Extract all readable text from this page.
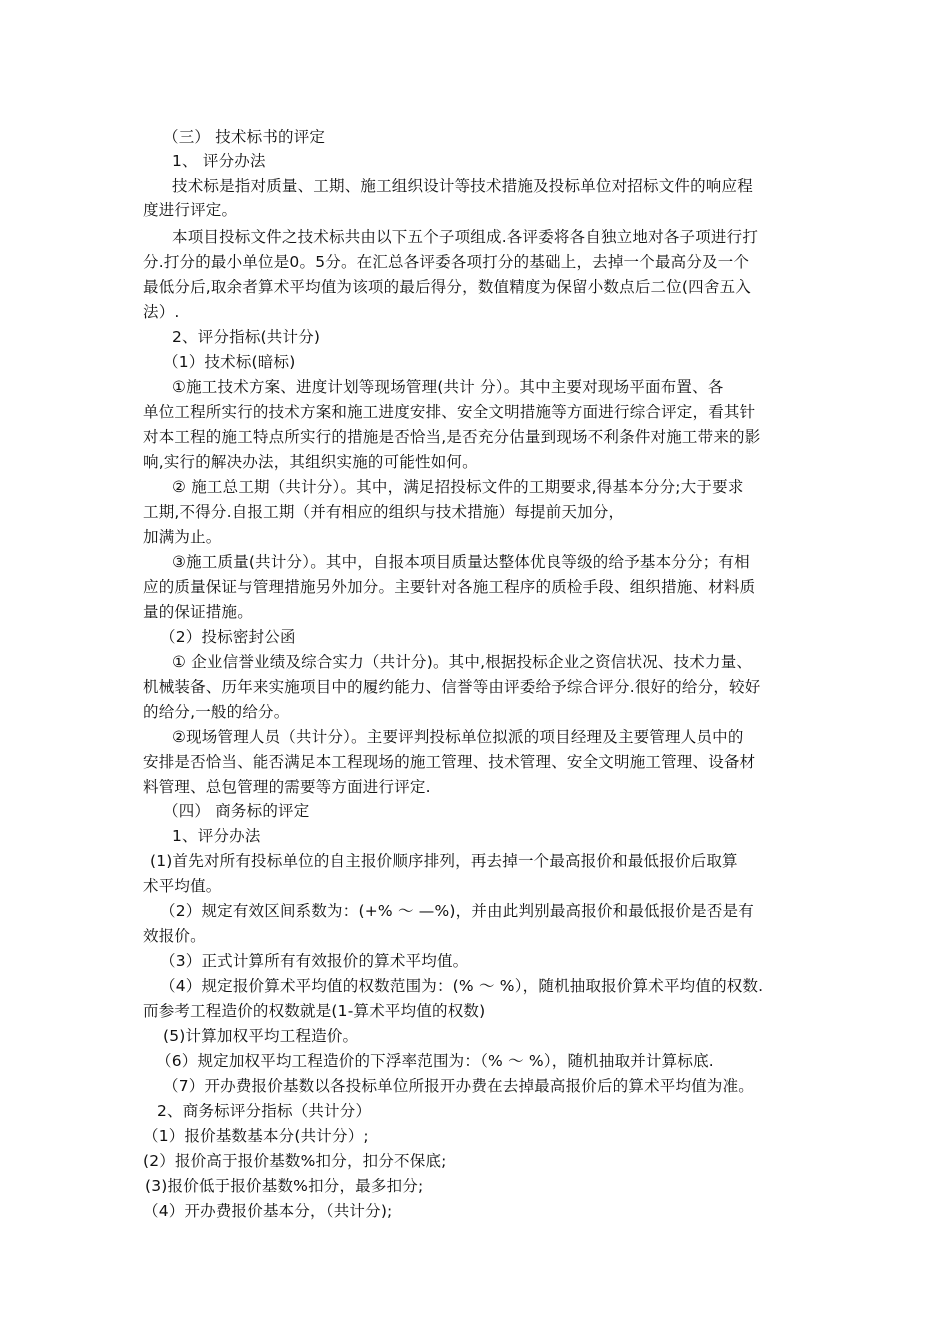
（三） 技术标书的评定
1、 评分办法
技术标是指对质量、工期、施工组织设计等技术措施及投标单位对招标文件的响应程
度进行评定。
本项目投标文件之技术标共由以下五个子项组成.各评委将各自独立地对各子项进行打
分.打分的最小单位是0。5分。在汇总各评委各项打分的基础上，去掉一个最高分及一个
最低分后,取余者算术平均值为该项的最后得分，数值精度为保留小数点后二位(四舍五入
法）.
2、评分指标(共计分)
（1）技术标(暗标)
①施工技术方案、进度计划等现场管理(共计 分）。其中主要对现场平面布置、各
单位工程所实行的技术方案和施工进度安排、安全文明措施等方面进行综合评定，看其针
对本工程的施工特点所实行的措施是否恰当,是否充分估量到现场不利条件对施工带来的影
响,实行的解决办法，其组织实施的可能性如何。
② 施工总工期（共计分）。其中，满足招投标文件的工期要求,得基本分分;大于要求
工期,不得分.自报工期（并有相应的组织与技术措施）每提前天加分，
加满为止。
③施工质量(共计分）。其中，自报本项目质量达整体优良等级的给予基本分分；有相
应的质量保证与管理措施另外加分。主要针对各施工程序的质检手段、组织措施、材料质
量的保证措施。
（2）投标密封公函
① 企业信誉业绩及综合实力（共计分)。其中,根据投标企业之资信状况、技术力量、
机械装备、历年来实施项目中的履约能力、信誉等由评委给予综合评分.很好的给分，较好
的给分,一般的给分。
②现场管理人员（共计分）。主要评判投标单位拟派的项目经理及主要管理人员中的
安排是否恰当、能否满足本工程现场的施工管理、技术管理、安全文明施工管理、设备材
料管理、总包管理的需要等方面进行评定.
（四） 商务标的评定
1、评分办法
(1)首先对所有投标单位的自主报价顺序排列，再去掉一个最高报价和最低报价后取算
术平均值。
（2）规定有效区间系数为：(+% ～ —%)，并由此判别最高报价和最低报价是否是有
效报价。
（3）正式计算所有有效报价的算术平均值。
（4）规定报价算术平均值的权数范围为：(% ～ %），随机抽取报价算术平均值的权数.
而参考工程造价的权数就是(1-算术平均值的权数)
(5)计算加权平均工程造价。
（6）规定加权平均工程造价的下浮率范围为：（% ～ %），随机抽取并计算标底.
（7）开办费报价基数以各投标单位所报开办费在去掉最高报价后的算术平均值为准。
2、商务标评分指标（共计分）
（1）报价基数基本分(共计分）;
(2）报价高于报价基数%扣分，扣分不保底;
(3)报价低于报价基数%扣分，最多扣分;
（4）开办费报价基本分，（共计分);
